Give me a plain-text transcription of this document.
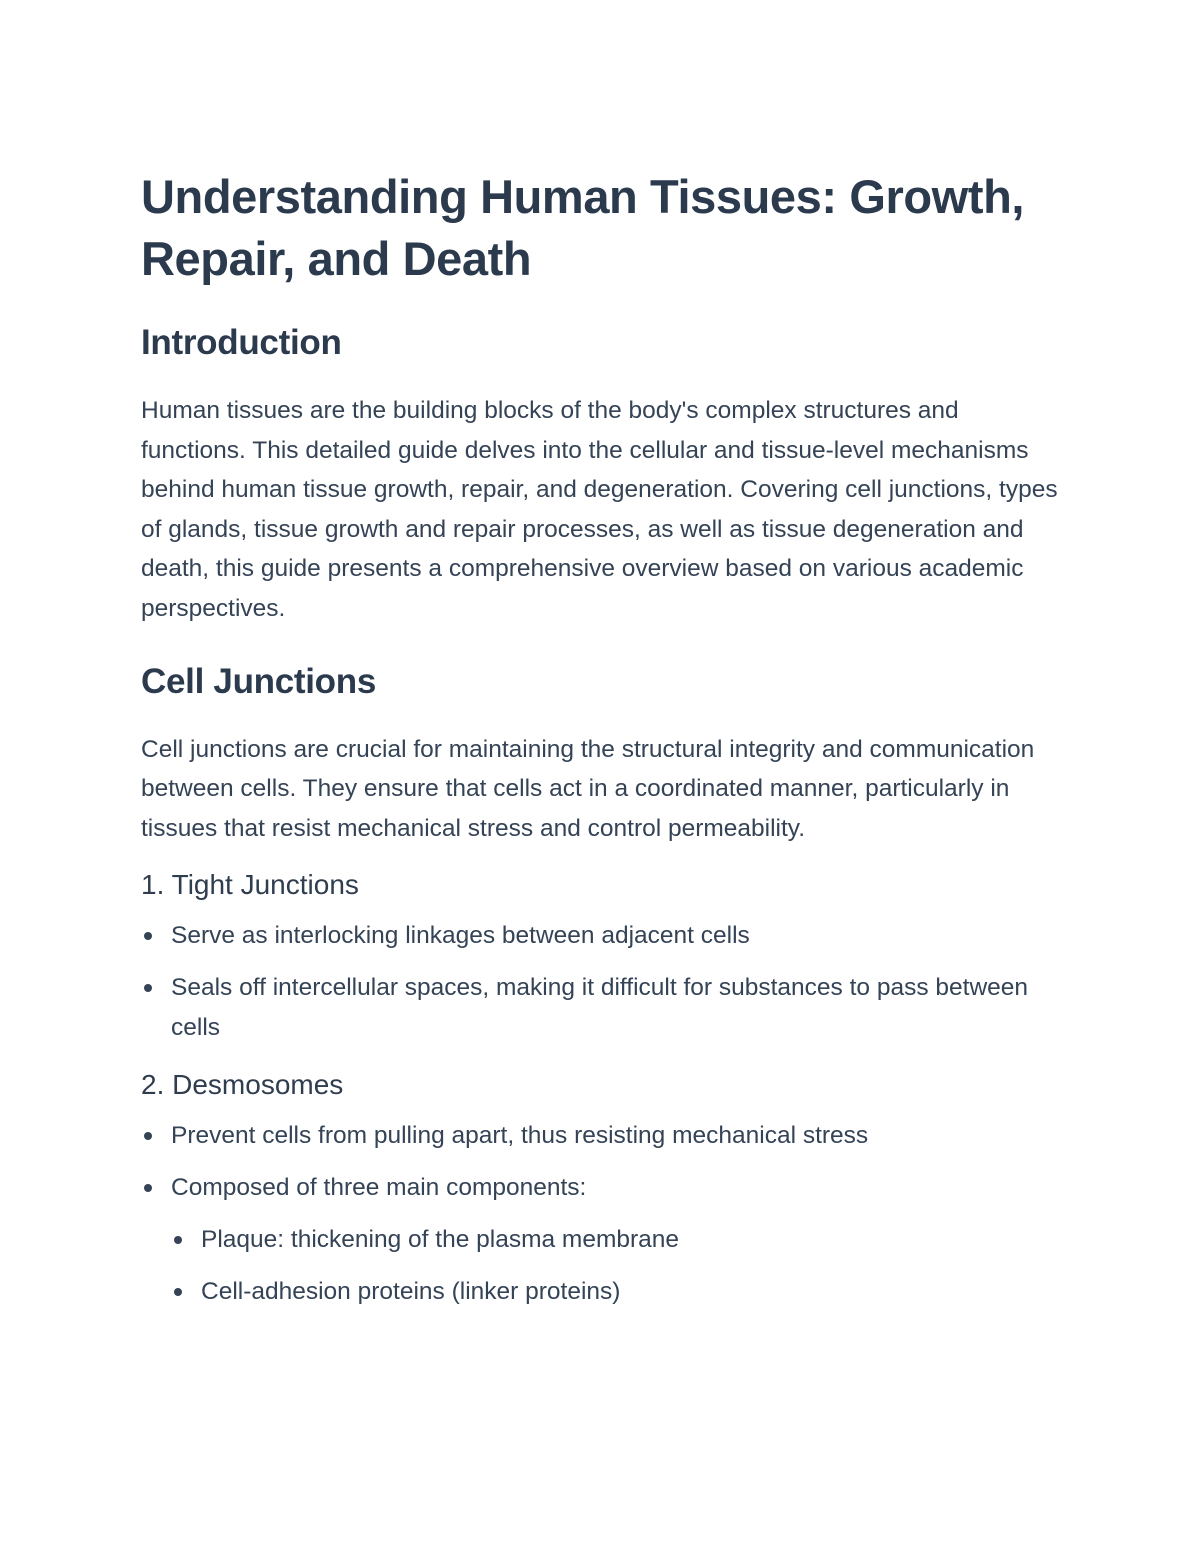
Understanding Human Tissues: Growth, Repair, and Death
Introduction

Human tissues are the building blocks of the body's complex structures and functions. This detailed guide delves into the cellular and tissue-level mechanisms behind human tissue growth, repair, and degeneration. Covering cell junctions, types of glands, tissue growth and repair processes, as well as tissue degeneration and death, this guide presents a comprehensive overview based on various academic perspectives.

Cell Junctions

Cell junctions are crucial for maintaining the structural integrity and communication between cells. They ensure that cells act in a coordinated manner, particularly in tissues that resist mechanical stress and control permeability.

1. Tight Junctions
Serve as interlocking linkages between adjacent cells
Seals off intercellular spaces, making it difficult for substances to pass between cells
2. Desmosomes
Prevent cells from pulling apart, thus resisting mechanical stress
Composed of three main components:
Plaque: thickening of the plasma membrane
Cell-adhesion proteins (linker proteins)
